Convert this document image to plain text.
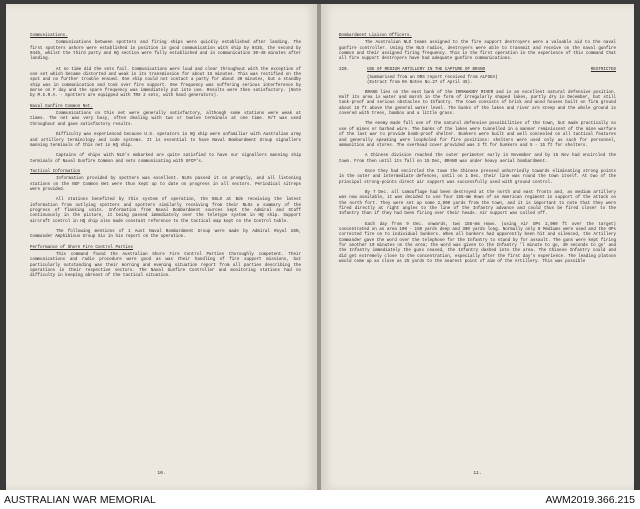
Communications.

Communications between spotters and firing ships were quickly established after landing. The first spotters ashore were established in position in good communication with ship by 0435, the second by 0445, whilst the third party and HQ section were fully established and in communication 30-40 minutes after landing.

At no time did the sets fail. Communications were loud and clear throughout with the exception of one set which became distorted and weak in its transmission for about 15 minutes. This was rectified on the spot and no further trouble ensued. One ship could not contact a party for about 30 minutes, but a standby ship was in communication and took over fire support. One frequency was suffering serious interference by morse on F day and the spare frequency was immediately put into use. Results were then satisfactory. (Note by M.G.R.A. - Spotters are equipped with TRX 2 sets, with hand generators).

Naval Gunfire Common Net.

Communications on this net were generally satisfactory, although some stations were weak at times. The net was very busy, often dealing with two or twelve terminals at one time. R/T was used throughout and gave satisfactory results.

Difficulty was experienced because U.S. operators in HQ ship were unfamiliar with Australian army and artillery terminology and code systems. It is essential to have Naval Bombardment Group signallers manning terminals of this net in HQ ship.

Captains of ships with NLO's embarked are quite satisfied to have our signallers manning ship terminals of Naval Gunfire Common and sets communicating with SFCP's.

Tactical Information

Information provided by spotters was excellent. NLOs passed it on promptly, and all listening stations on the NGF Common Net were thus kept up to date on progress in all sectors. Periodical sitreps were provided.

All stations benefited by this system of operation, the NGLO at Bde receiving the latest information from outlying spotters and spotters similarly receiving from their NLOs a summary of the progress of flanking units. Information from Naval Bombardment sources kept the Admiral and Staff continuously in the picture, it being passed immediately over the teletype system in HQ ship. Support aircraft control in HQ ship also made constant reference to the tactical map kept on the Control table.

The following mentions of 1 Aust Naval Bombardment Group were made by Admiral Royal USN, Commander Amphibious Group Six in his report on the operation.

Performance of Shore Fire Control Parties

This command found the Australian Shore Fire Control Parties thoroughly competent. Their communications and radio procedure were good as was their handling of fire support missions, but particularly outstanding was their morning and evening situation report from all parties describing the operations in their respective sectors. The Naval Gunfire Controller and monitoring stations had no difficulty in keeping abreast of the tactical situation.

10.
Bombardment Liaison Officers.

The Australian NLO teams assigned to the fire support destroyers were a valuable aid to the naval gunfire controller. Using the NLO radios, destroyers were able to transmit and receive on the naval gunfire common and their assigned firing frequency. This is the first operation in the experience of this command that all fire support destroyers have had adequate gunfire communications.

220.	USE OF MEDIUM ARTILLERY IN THE CAPTURE OF BRANO	RESTRICTED
(Summarised from an ORS report received from ALFSEA)
(Extract from RA Notes No.27 of April 45).

BRANO lies on the east bank of the IRRAWADDY RIVER and is an excellent natural defensive position. Half its area is water and marsh in the form of irregularly shaped lakes, partly dry in December, but still tank-proof and serious obstacles to Infantry. The town consists of brick and wood houses built on firm ground about 15 ft above the general water level. The banks of the lakes and river are steep and the whole ground is covered with trees, bamboo and a little grass.

The enemy made full use of the natural defensive possibilities of the town, but made practically no use of mines or barbed wire. The banks of the lakes were tunnelled in a manner reminiscent of the mine warfare of the last war to provide bomb-proof shelter. Bunkers were built and well concealed on all tactical features and generally speaking were loopholed for fire positions: shelters were used only as such for personnel, ammunition and stores. The overhead cover provided was 3 ft for bunkers and 5 - 15 ft for shelters.

A Chinese division reached the outer perimeter early in November and by 15 Nov had encircled the town. From then until its fall on 15 Dec, BRANO was under heavy aerial bombardment.

Once they had encircled the town the Chinese pressed unhurriedly towards eliminating strong points in the outer and intermediate defences, until on 1 Dec. their line was round the town itself. At two of the principal strong-points direct air support was successfully used with ground control.

By 7 Dec. all camouflage had been destroyed at the north and east fronts and, as medium artillery was now available, it was decided to use four 155-mm Hows of an American regiment in support of the attack on the north fort. They were set up some 2,000 yards from the town, and it is important to note that they were fired directly at right angles to the line of the Infantry advance and could thus be fired closer to the Infantry than if they had been firing over their heads. Air support was called off.

Each day from 9 Dec. onwards, two 155-mm Hows. (using Air OPs 2,000 ft over the target) concentrated on an area 100 - 150 yards deep and 300 yards long. Normally only 8 Mediums were used and the OPs corrected fire on to individual bunkers. When all bunkers had apparently been hit and silenced, the Artillery Commander gave the word over the telephone for the Infantry to stand by for assault. The guns were kept firing for another 10 minutes on the area; the word was given to the Infantry 'l minute to go, 30 seconds to go' and the Infantry immediately the guns ceased, the Infantry dashed into the area. The Chinese Infantry could and did get extremely close to the concentration, especially after the first day's experience. The leading platoon would come up as close as 25 yards to the nearest point of aim of the Artillery. This was possible

11.
AUSTRALIAN WAR MEMORIAL	AWM2019.366.215
